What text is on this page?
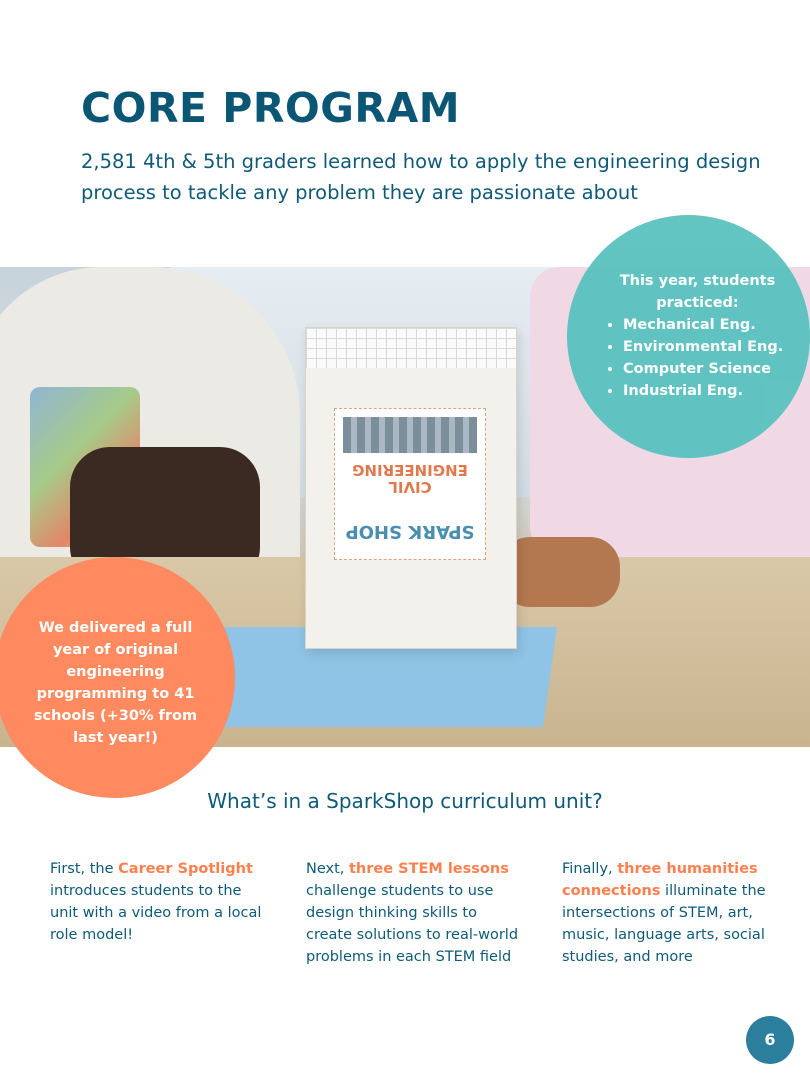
CORE PROGRAM

2,581 4th & 5th graders learned how to apply the engineering design process to tackle any problem they are passionate about

CIVIL ENGINEERING
SPARK SHOP
This year, students practiced:
• Mechanical Eng.
• Environmental Eng.
• Computer Science
• Industrial Eng.
We delivered a full year of original engineering programming to 41 schools (+30% from last year!)

What’s in a SparkShop curriculum unit?

First, the Career Spotlight introduces students to the unit with a video from a local role model!
Next, three STEM lessons challenge students to use design thinking skills to create solutions to real-world problems in each STEM field
Finally, three humanities connections illuminate the intersections of STEM, art, music, language arts, social studies, and more
6
